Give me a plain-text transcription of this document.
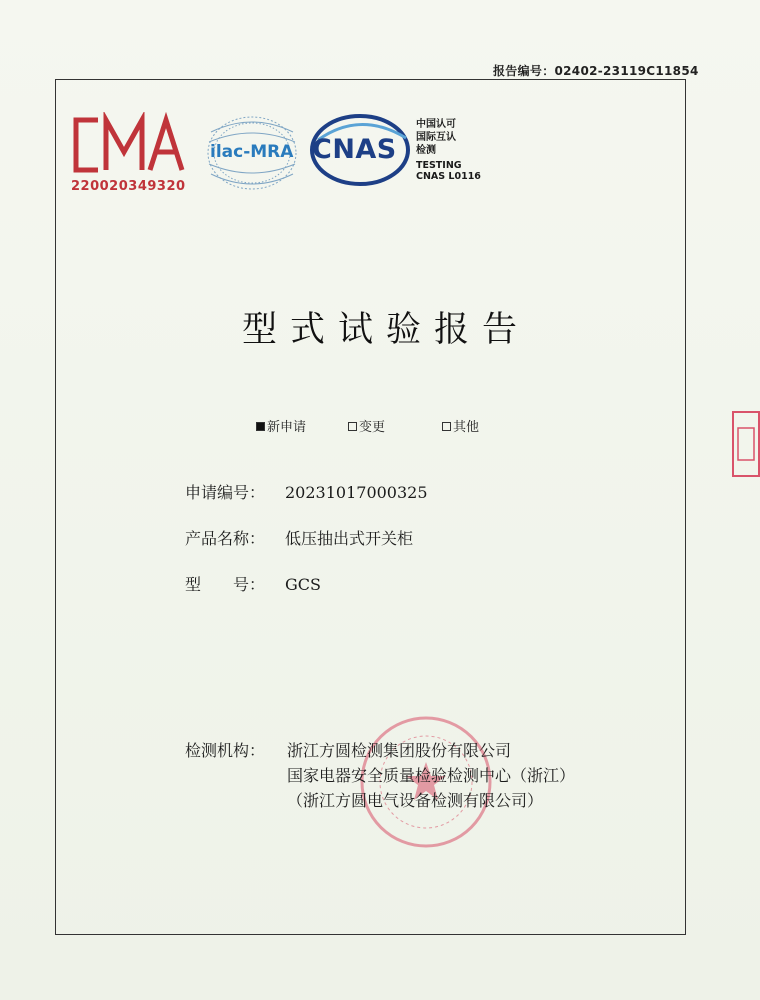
报告编号：02402-23119C11854
220020349320
ilac-MRA CNAS
中国认可
国际互认
检测
TESTING
CNAS L0116
型式试验报告
新申请	变更	其他
申请编号： 20231017000325
产品名称： 低压抽出式开关柜
型　　号： GCS
检测机构： 浙江方圆检测集团股份有限公司
国家电器安全质量检验检测中心（浙江）
（浙江方圆电气设备检测有限公司）
